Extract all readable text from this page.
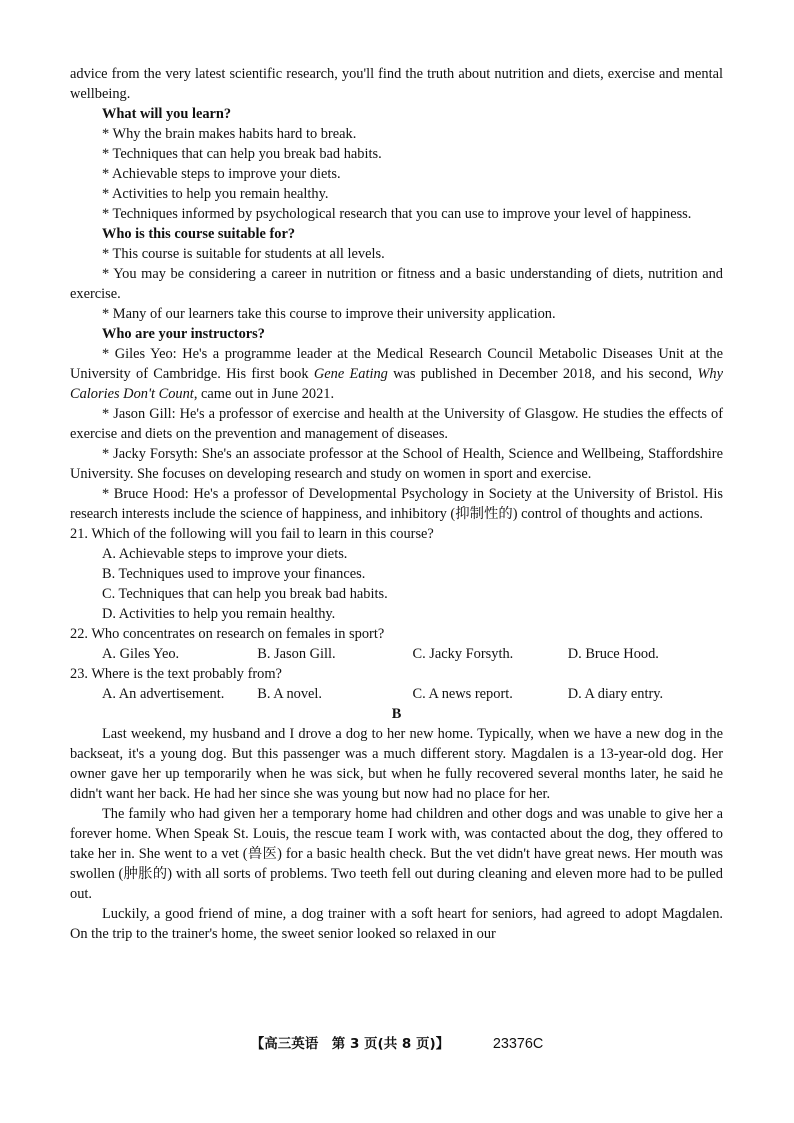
advice from the very latest scientific research, you'll find the truth about nutrition and diets, exercise and mental wellbeing.

What will you learn?

* Why the brain makes habits hard to break.

* Techniques that can help you break bad habits.

* Achievable steps to improve your diets.

* Activities to help you remain healthy.

* Techniques informed by psychological research that you can use to improve your level of happiness.

Who is this course suitable for?

* This course is suitable for students at all levels.

* You may be considering a career in nutrition or fitness and a basic understanding of diets, nutrition and exercise.

* Many of our learners take this course to improve their university application.

Who are your instructors?

* Giles Yeo: He's a programme leader at the Medical Research Council Metabolic Diseases Unit at the University of Cambridge. His first book Gene Eating was published in December 2018, and his second, Why Calories Don't Count, came out in June 2021.

* Jason Gill: He's a professor of exercise and health at the University of Glasgow. He studies the effects of exercise and diets on the prevention and management of diseases.

* Jacky Forsyth: She's an associate professor at the School of Health, Science and Wellbeing, Staffordshire University. She focuses on developing research and study on women in sport and exercise.

* Bruce Hood: He's a professor of Developmental Psychology in Society at the University of Bristol. His research interests include the science of happiness, and inhibitory (抑制性的) control of thoughts and actions.

21. Which of the following will you fail to learn in this course?

A. Achievable steps to improve your diets.

B. Techniques used to improve your finances.

C. Techniques that can help you break bad habits.

D. Activities to help you remain healthy.

22. Who concentrates on research on females in sport?

A. Giles Yeo.	B. Jason Gill.	C. Jacky Forsyth.	D. Bruce Hood.

23. Where is the text probably from?

A. An advertisement.	B. A novel.	C. A news report.	D. A diary entry.

B

Last weekend, my husband and I drove a dog to her new home. Typically, when we have a new dog in the backseat, it's a young dog. But this passenger was a much different story. Magdalen is a 13-year-old dog. Her owner gave her up temporarily when he was sick, but when he fully recovered several months later, he said he didn't want her back. He had her since she was young but now had no place for her.

The family who had given her a temporary home had children and other dogs and was unable to give her a forever home. When Speak St. Louis, the rescue team I work with, was contacted about the dog, they offered to take her in. She went to a vet (兽医) for a basic health check. But the vet didn't have great news. Her mouth was swollen (肿胀的) with all sorts of problems. Two teeth fell out during cleaning and eleven more had to be pulled out.

Luckily, a good friend of mine, a dog trainer with a soft heart for seniors, had agreed to adopt Magdalen. On the trip to the trainer's home, the sweet senior looked so relaxed in our

【高三英语　第 3 页(共 8 页)】	23376C
